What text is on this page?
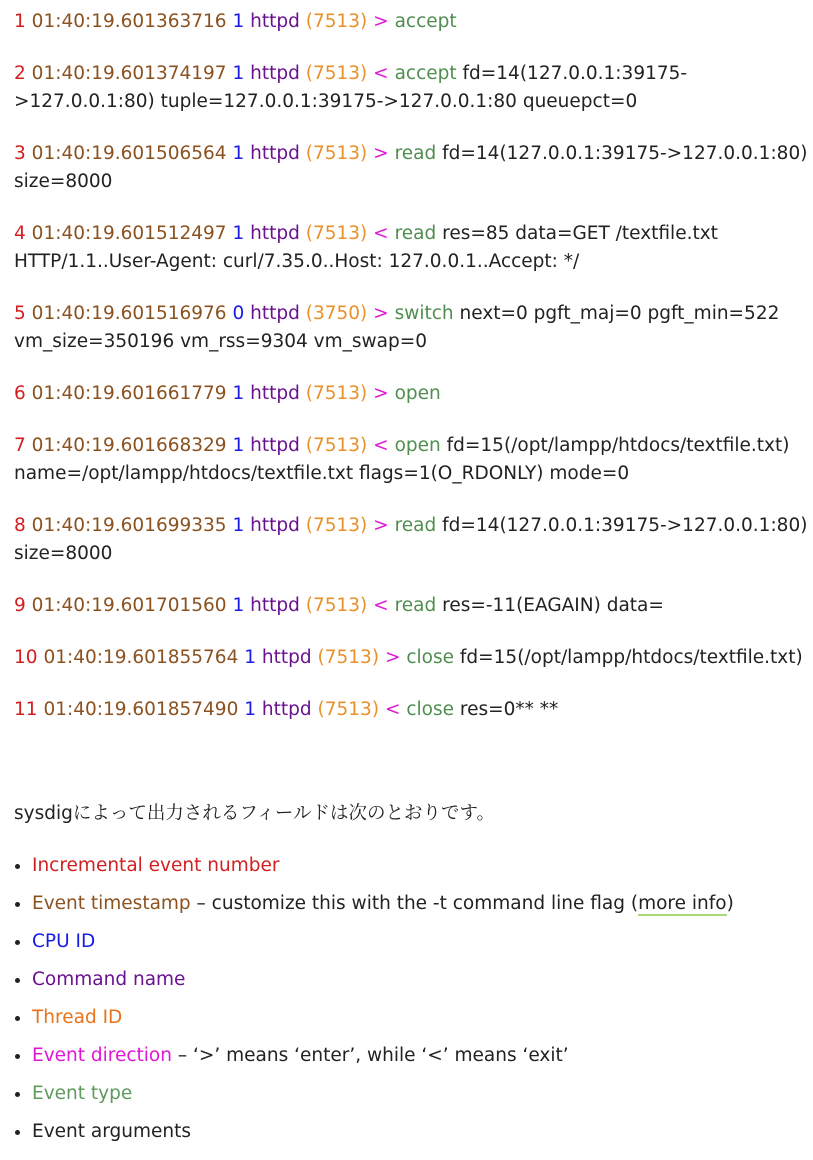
1 01:40:19.601363716 1 httpd (7513) > accept
2 01:40:19.601374197 1 httpd (7513) < accept fd=14(127.0.0.1:39175->127.0.0.1:80) tuple=127.0.0.1:39175->127.0.0.1:80 queuepct=0
3 01:40:19.601506564 1 httpd (7513) > read fd=14(127.0.0.1:39175->127.0.0.1:80) size=8000
4 01:40:19.601512497 1 httpd (7513) < read res=85 data=GET /textfile.txt HTTP/1.1..User-Agent: curl/7.35.0..Host: 127.0.0.1..Accept: */
5 01:40:19.601516976 0 httpd (3750) > switch next=0 pgft_maj=0 pgft_min=522 vm_size=350196 vm_rss=9304 vm_swap=0
6 01:40:19.601661779 1 httpd (7513) > open
7 01:40:19.601668329 1 httpd (7513) < open fd=15(/opt/lampp/htdocs/textfile.txt) name=/opt/lampp/htdocs/textfile.txt flags=1(O_RDONLY) mode=0
8 01:40:19.601699335 1 httpd (7513) > read fd=14(127.0.0.1:39175->127.0.0.1:80) size=8000
9 01:40:19.601701560 1 httpd (7513) < read res=-11(EAGAIN) data=
10 01:40:19.601855764 1 httpd (7513) > close fd=15(/opt/lampp/htdocs/textfile.txt)
11 01:40:19.601857490 1 httpd (7513) < close res=0** **

sysdigによって出力されるフィールドは次のとおりです。

Incremental event number
Event timestamp – customize this with the -t command line flag (more info)
CPU ID
Command name
Thread ID
Event direction – ‘>’ means ‘enter’, while ‘<’ means ‘exit’
Event type
Event arguments
